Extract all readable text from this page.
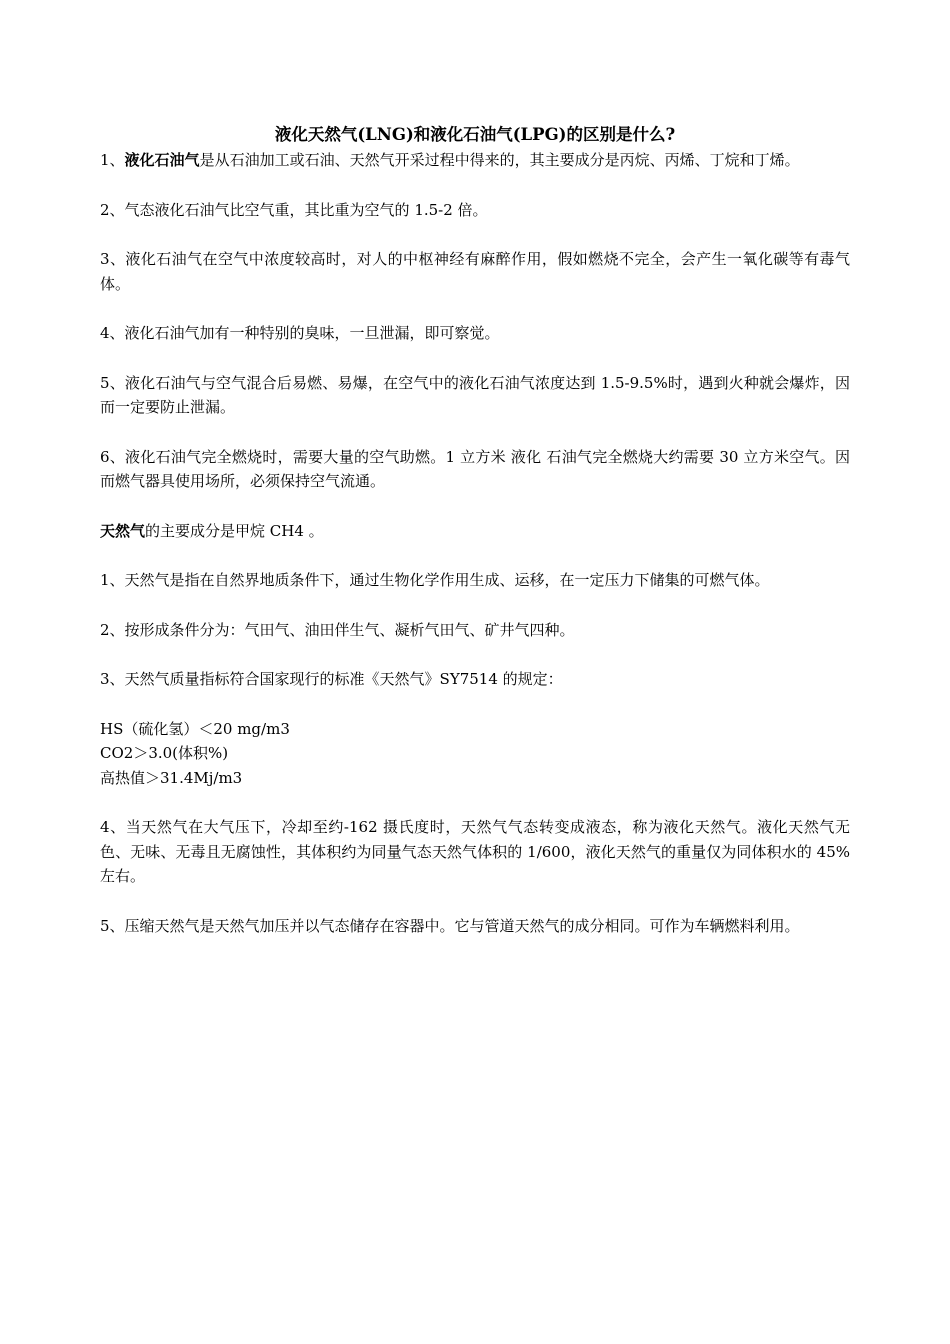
液化天然气(LNG)和液化石油气(LPG)的区别是什么?

1、液化石油气是从石油加工或石油、天然气开采过程中得来的，其主要成分是丙烷、丙烯、丁烷和丁烯。

2、气态液化石油气比空气重，其比重为空气的 1.5-2 倍。

3、液化石油气在空气中浓度较高时，对人的中枢神经有麻醉作用，假如燃烧不完全，会产生一氧化碳等有毒气体。

4、液化石油气加有一种特别的臭味，一旦泄漏，即可察觉。

5、液化石油气与空气混合后易燃、易爆，在空气中的液化石油气浓度达到 1.5-9.5%时，遇到火种就会爆炸，因而一定要防止泄漏。

6、液化石油气完全燃烧时，需要大量的空气助燃。1 立方米 液化 石油气完全燃烧大约需要 30 立方米空气。因而燃气器具使用场所，必须保持空气流通。

天然气的主要成分是甲烷 CH4 。

1、天然气是指在自然界地质条件下，通过生物化学作用生成、运移，在一定压力下储集的可燃气体。

2、按形成条件分为：气田气、油田伴生气、凝析气田气、矿井气四种。

3、天然气质量指标符合国家现行的标准《天然气》SY7514 的规定：

HS（硫化氢）＜20 mg/m3

CO2＞3.0(体积%)

高热值＞31.4Mj/m3

4、当天然气在大气压下，冷却至约-162 摄氏度时，天然气气态转变成液态，称为液化天然气。液化天然气无色、无味、无毒且无腐蚀性，其体积约为同量气态天然气体积的 1/600，液化天然气的重量仅为同体积水的 45%左右。

5、压缩天然气是天然气加压并以气态储存在容器中。它与管道天然气的成分相同。可作为车辆燃料利用。
